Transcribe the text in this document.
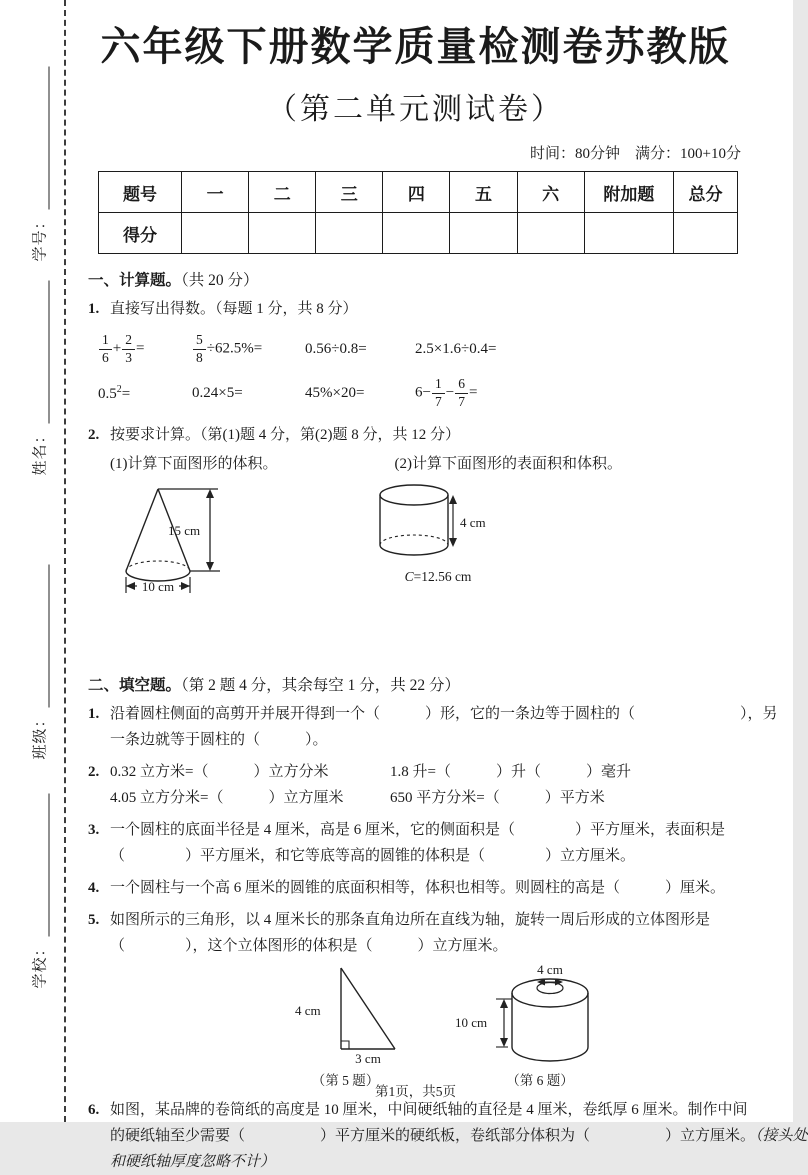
学号：
姓名：
班级：
学校：
六年级下册数学质量检测卷苏教版
（第二单元测试卷）
时间：80分钟　满分：100+10分
题号	一	二	三	四	五	六	附加题	总分
得分								
一、计算题。（共 20 分）
1. 直接写出得数。（每题 1 分，共 8 分）
$\frac{1}{6} + \frac{2}{3}$ =	$\frac{5}{8} \div 62.5\%=$	0.56÷0.8=	2.5×1.6÷0.4=
$0.5^2=$	0.24×5=	45%×20=	$6- \frac{1}{7} - \frac{6}{7}$ =
2. 按要求计算。（第(1)题 4 分，第(2)题 8 分，共 12 分）
(1)计算下面图形的体积。	(2)计算下面图形的表面积和体积。
15 cm
10 cm
4 cm
C=12.56 cm
二、填空题。（第 2 题 4 分，其余每空 1 分，共 22 分）
1. 沿着圆柱侧面的高剪开并展开得到一个（　　　）形，它的一条边等于圆柱的（　　　　　　　），另
一条边就等于圆柱的（　　　）。
2. 0.32 立方米=（　　　）立方分米	1.8 升=（　　　）升（　　　）毫升
4.05 立方分米=（　　　）立方厘米	650 平方分米=（　　　）平方米
3. 一个圆柱的底面半径是 4 厘米，高是 6 厘米，它的侧面积是（　　　　）平方厘米，表面积是
（　　　　）平方厘米，和它等底等高的圆锥的体积是（　　　　）立方厘米。
4. 一个圆柱与一个高 6 厘米的圆锥的底面积相等，体积也相等。则圆柱的高是（　　　）厘米。
5. 如图所示的三角形，以 4 厘米长的那条直角边所在直线为轴，旋转一周后形成的立体图形是
（　　　　），这个立体图形的体积是（　　　）立方厘米。
4 cm
3 cm
（第 5 题）
4 cm
10 cm
（第 6 题）
6. 如图，某品牌的卷筒纸的高度是 10 厘米，中间硬纸轴的直径是 4 厘米，卷纸厚 6 厘米。制作中间
的硬纸轴至少需要（　　　　　）平方厘米的硬纸板，卷纸部分体积为（　　　　　）立方厘米。（接头处
和硬纸轴厚度忽略不计）
第1页，共5页
